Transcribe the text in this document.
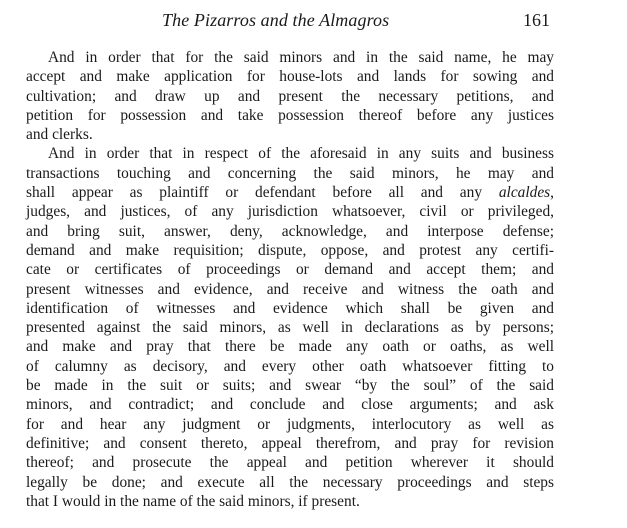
The Pizarros and the Almagros	161
And in order that for the said minors and in the said name, he may
accept and make application for house-lots and lands for sowing and
cultivation; and draw up and present the necessary petitions, and
petition for possession and take possession thereof before any justices
and clerks.
And in order that in respect of the aforesaid in any suits and business
transactions touching and concerning the said minors, he may and
shall appear as plaintiff or defendant before all and any alcaldes,
judges, and justices, of any jurisdiction whatsoever, civil or privileged,
and bring suit, answer, deny, acknowledge, and interpose defense;
demand and make requisition; dispute, oppose, and protest any certifi-
cate or certificates of proceedings or demand and accept them; and
present witnesses and evidence, and receive and witness the oath and
identification of witnesses and evidence which shall be given and
presented against the said minors, as well in declarations as by persons;
and make and pray that there be made any oath or oaths, as well
of calumny as decisory, and every other oath whatsoever fitting to
be made in the suit or suits; and swear “by the soul” of the said
minors, and contradict; and conclude and close arguments; and ask
for and hear any judgment or judgments, interlocutory as well as
definitive; and consent thereto, appeal therefrom, and pray for revision
thereof; and prosecute the appeal and petition wherever it should
legally be done; and execute all the necessary proceedings and steps
that I would in the name of the said minors, if present.
